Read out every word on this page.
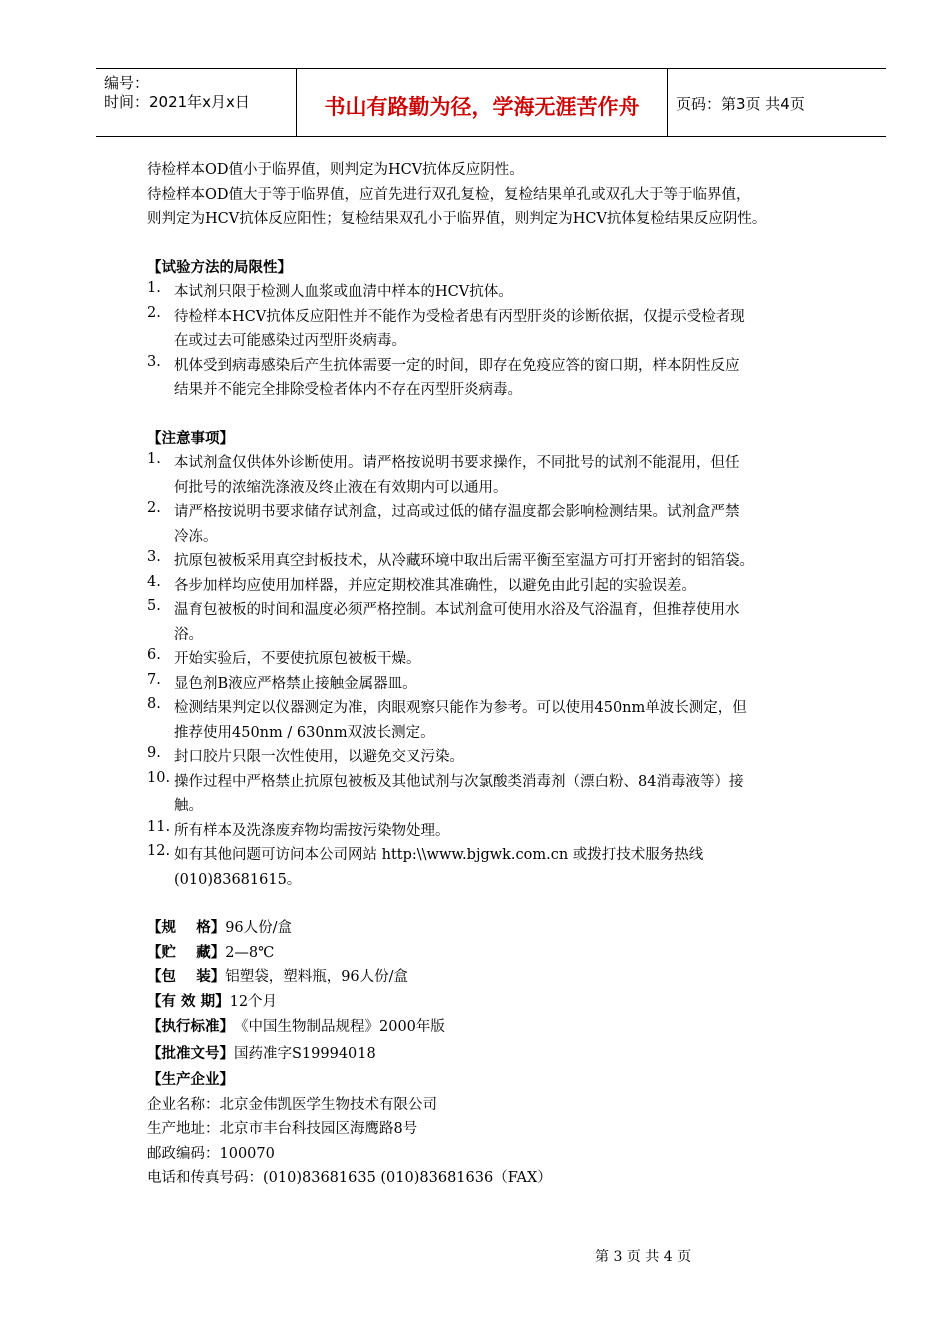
编号：
时间：2021年x月x日	书山有路勤为径，学海无涯苦作舟	页码：第3页 共4页

待检样本OD值小于临界值，则判定为HCV抗体反应阴性。

待检样本OD值大于等于临界值，应首先进行双孔复检，复检结果单孔或双孔大于等于临界值，

则判定为HCV抗体反应阳性；复检结果双孔小于临界值，则判定为HCV抗体复检结果反应阴性。

【试验方法的局限性】

1. 本试剂只限于检测人血浆或血清中样本的HCV抗体。
2. 待检样本HCV抗体反应阳性并不能作为受检者患有丙型肝炎的诊断依据，仅提示受检者现
在或过去可能感染过丙型肝炎病毒。
3. 机体受到病毒感染后产生抗体需要一定的时间，即存在免疫应答的窗口期，样本阴性反应
结果并不能完全排除受检者体内不存在丙型肝炎病毒。

【注意事项】

1. 本试剂盒仅供体外诊断使用。请严格按说明书要求操作，不同批号的试剂不能混用，但任
何批号的浓缩洗涤液及终止液在有效期内可以通用。
2. 请严格按说明书要求储存试剂盒，过高或过低的储存温度都会影响检测结果。试剂盒严禁
冷冻。
3. 抗原包被板采用真空封板技术，从冷藏环境中取出后需平衡至室温方可打开密封的铝箔袋。
4. 各步加样均应使用加样器，并应定期校准其准确性，以避免由此引起的实验误差。
5. 温育包被板的时间和温度必须严格控制。本试剂盒可使用水浴及气浴温育，但推荐使用水
浴。
6. 开始实验后，不要使抗原包被板干燥。
7. 显色剂B液应严格禁止接触金属器皿。
8. 检测结果判定以仪器测定为准，肉眼观察只能作为参考。可以使用450nm单波长测定，但
推荐使用450nm / 630nm双波长测定。
9. 封口胶片只限一次性使用，以避免交叉污染。
10. 操作过程中严格禁止抗原包被板及其他试剂与次氯酸类消毒剂（漂白粉、84消毒液等）接
触。
11. 所有样本及洗涤废弃物均需按污染物处理。
12. 如有其他问题可访问本公司网站 http:\\www.bjgwk.com.cn 或拨打技术服务热线
(010)83681615。
【规    格】 96人份/盒
【贮    藏】 2—8℃
【包    装】 铝塑袋，塑料瓶，96人份/盒
【有 效 期】 12个月
【执行标准】 《中国生物制品规程》2000年版
【批准文号】 国药准字S19994018

【生产企业】

企业名称：北京金伟凯医学生物技术有限公司

生产地址：北京市丰台科技园区海鹰路8号

邮政编码：100070

电话和传真号码：(010)83681635 (010)83681636（FAX）

第 3 页 共 4 页
